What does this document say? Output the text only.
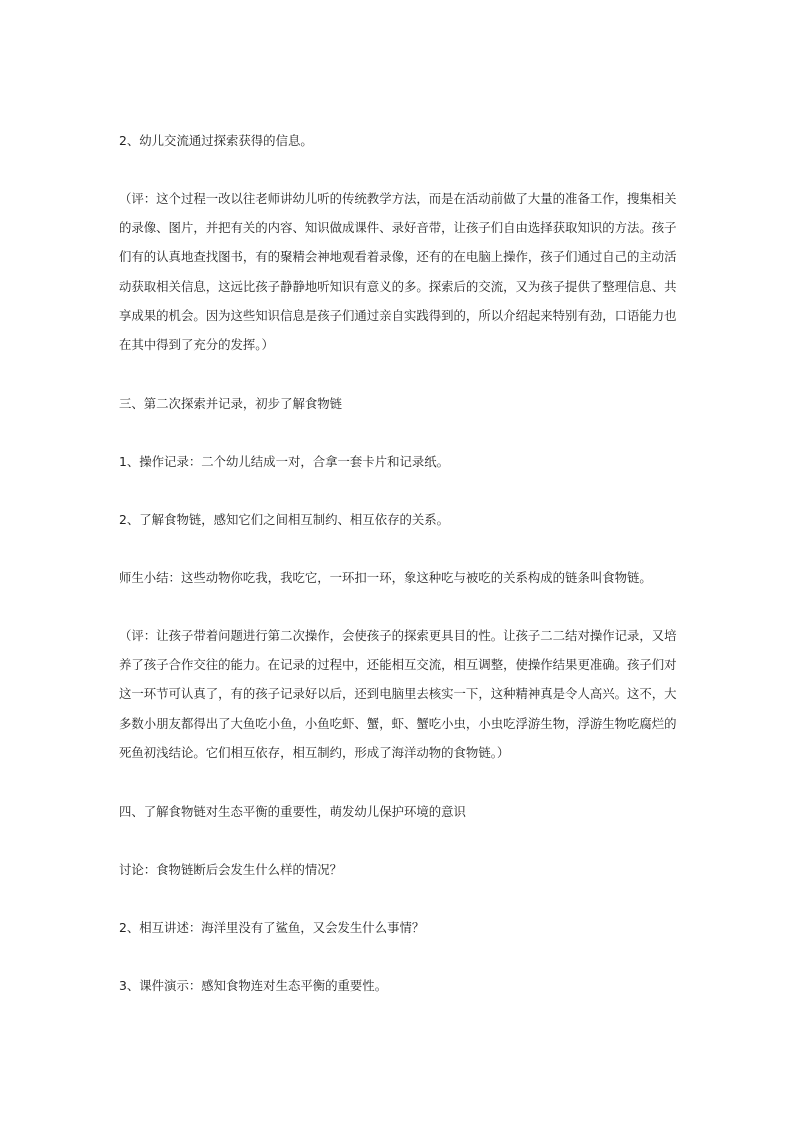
2、幼儿交流通过探索获得的信息。

（评：这个过程一改以往老师讲幼儿听的传统教学方法，而是在活动前做了大量的准备工作，搜集相关的录像、图片，并把有关的内容、知识做成课件、录好音带，让孩子们自由选择获取知识的方法。孩子们有的认真地查找图书，有的聚精会神地观看着录像，还有的在电脑上操作，孩子们通过自己的主动活动获取相关信息，这远比孩子静静地听知识有意义的多。探索后的交流，又为孩子提供了整理信息、共享成果的机会。因为这些知识信息是孩子们通过亲自实践得到的，所以介绍起来特别有劲，口语能力也在其中得到了充分的发挥。）

三、第二次探索并记录，初步了解食物链

1、操作记录：二个幼儿结成一对，合拿一套卡片和记录纸。

2、了解食物链，感知它们之间相互制约、相互依存的关系。

师生小结：这些动物你吃我，我吃它，一环扣一环，象这种吃与被吃的关系构成的链条叫食物链。

（评：让孩子带着问题进行第二次操作，会使孩子的探索更具目的性。让孩子二二结对操作记录，又培养了孩子合作交往的能力。在记录的过程中，还能相互交流，相互调整，使操作结果更准确。孩子们对这一环节可认真了，有的孩子记录好以后，还到电脑里去核实一下，这种精神真是令人高兴。这不，大多数小朋友都得出了大鱼吃小鱼，小鱼吃虾、蟹，虾、蟹吃小虫，小虫吃浮游生物，浮游生物吃腐烂的死鱼初浅结论。它们相互依存，相互制约，形成了海洋动物的食物链。）

四、了解食物链对生态平衡的重要性，萌发幼儿保护环境的意识

讨论：食物链断后会发生什么样的情况？

2、相互讲述：海洋里没有了鲨鱼，又会发生什么事情？

3、课件演示：感知食物连对生态平衡的重要性。
